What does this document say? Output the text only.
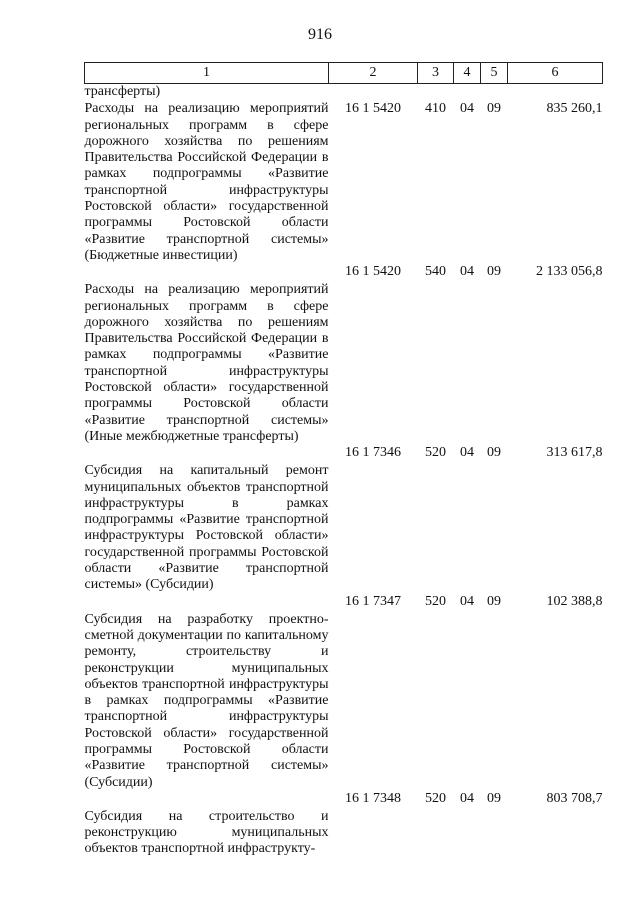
916
1	2	3	4	5	6
трансферты)					
Расходы на реализацию мероприятий региональных программ в сфере дорожного хозяйства по решениям Правительства Российской Федерации в рамках подпрограммы «Развитие транспортной инфраструктуры Ростовской области» государственной программы Ростовской области «Развитие транспортной системы» (Бюджетные инвестиции)	16 1 5420	410	04	09	835 260,1
Расходы на реализацию мероприятий региональных программ в сфере дорожного хозяйства по решениям Правительства Российской Федерации в рамках подпрограммы «Развитие транспортной инфраструктуры Ростовской области» государственной программы Ростовской области «Развитие транспортной системы» (Иные межбюджетные трансферты)	16 1 5420	540	04	09	2 133 056,8
Субсидия на капитальный ремонт муниципальных объектов транспортной инфраструктуры в рамках подпрограммы «Развитие транспортной инфраструктуры Ростовской области» государственной программы Ростовской области «Развитие транспортной системы» (Субсидии)	16 1 7346	520	04	09	313 617,8
Субсидия на разработку проектно-сметной документации по капитальному ремонту, строительству и реконструкции муниципальных объектов транспортной инфраструктуры в рамках подпрограммы «Развитие транспортной инфраструктуры Ростовской области» государственной программы Ростовской области «Развитие транспортной системы» (Субсидии)	16 1 7347	520	04	09	102 388,8
Субсидия на строительство и реконструкцию муниципальных объектов транспортной инфраструкту-	16 1 7348	520	04	09	803 708,7
